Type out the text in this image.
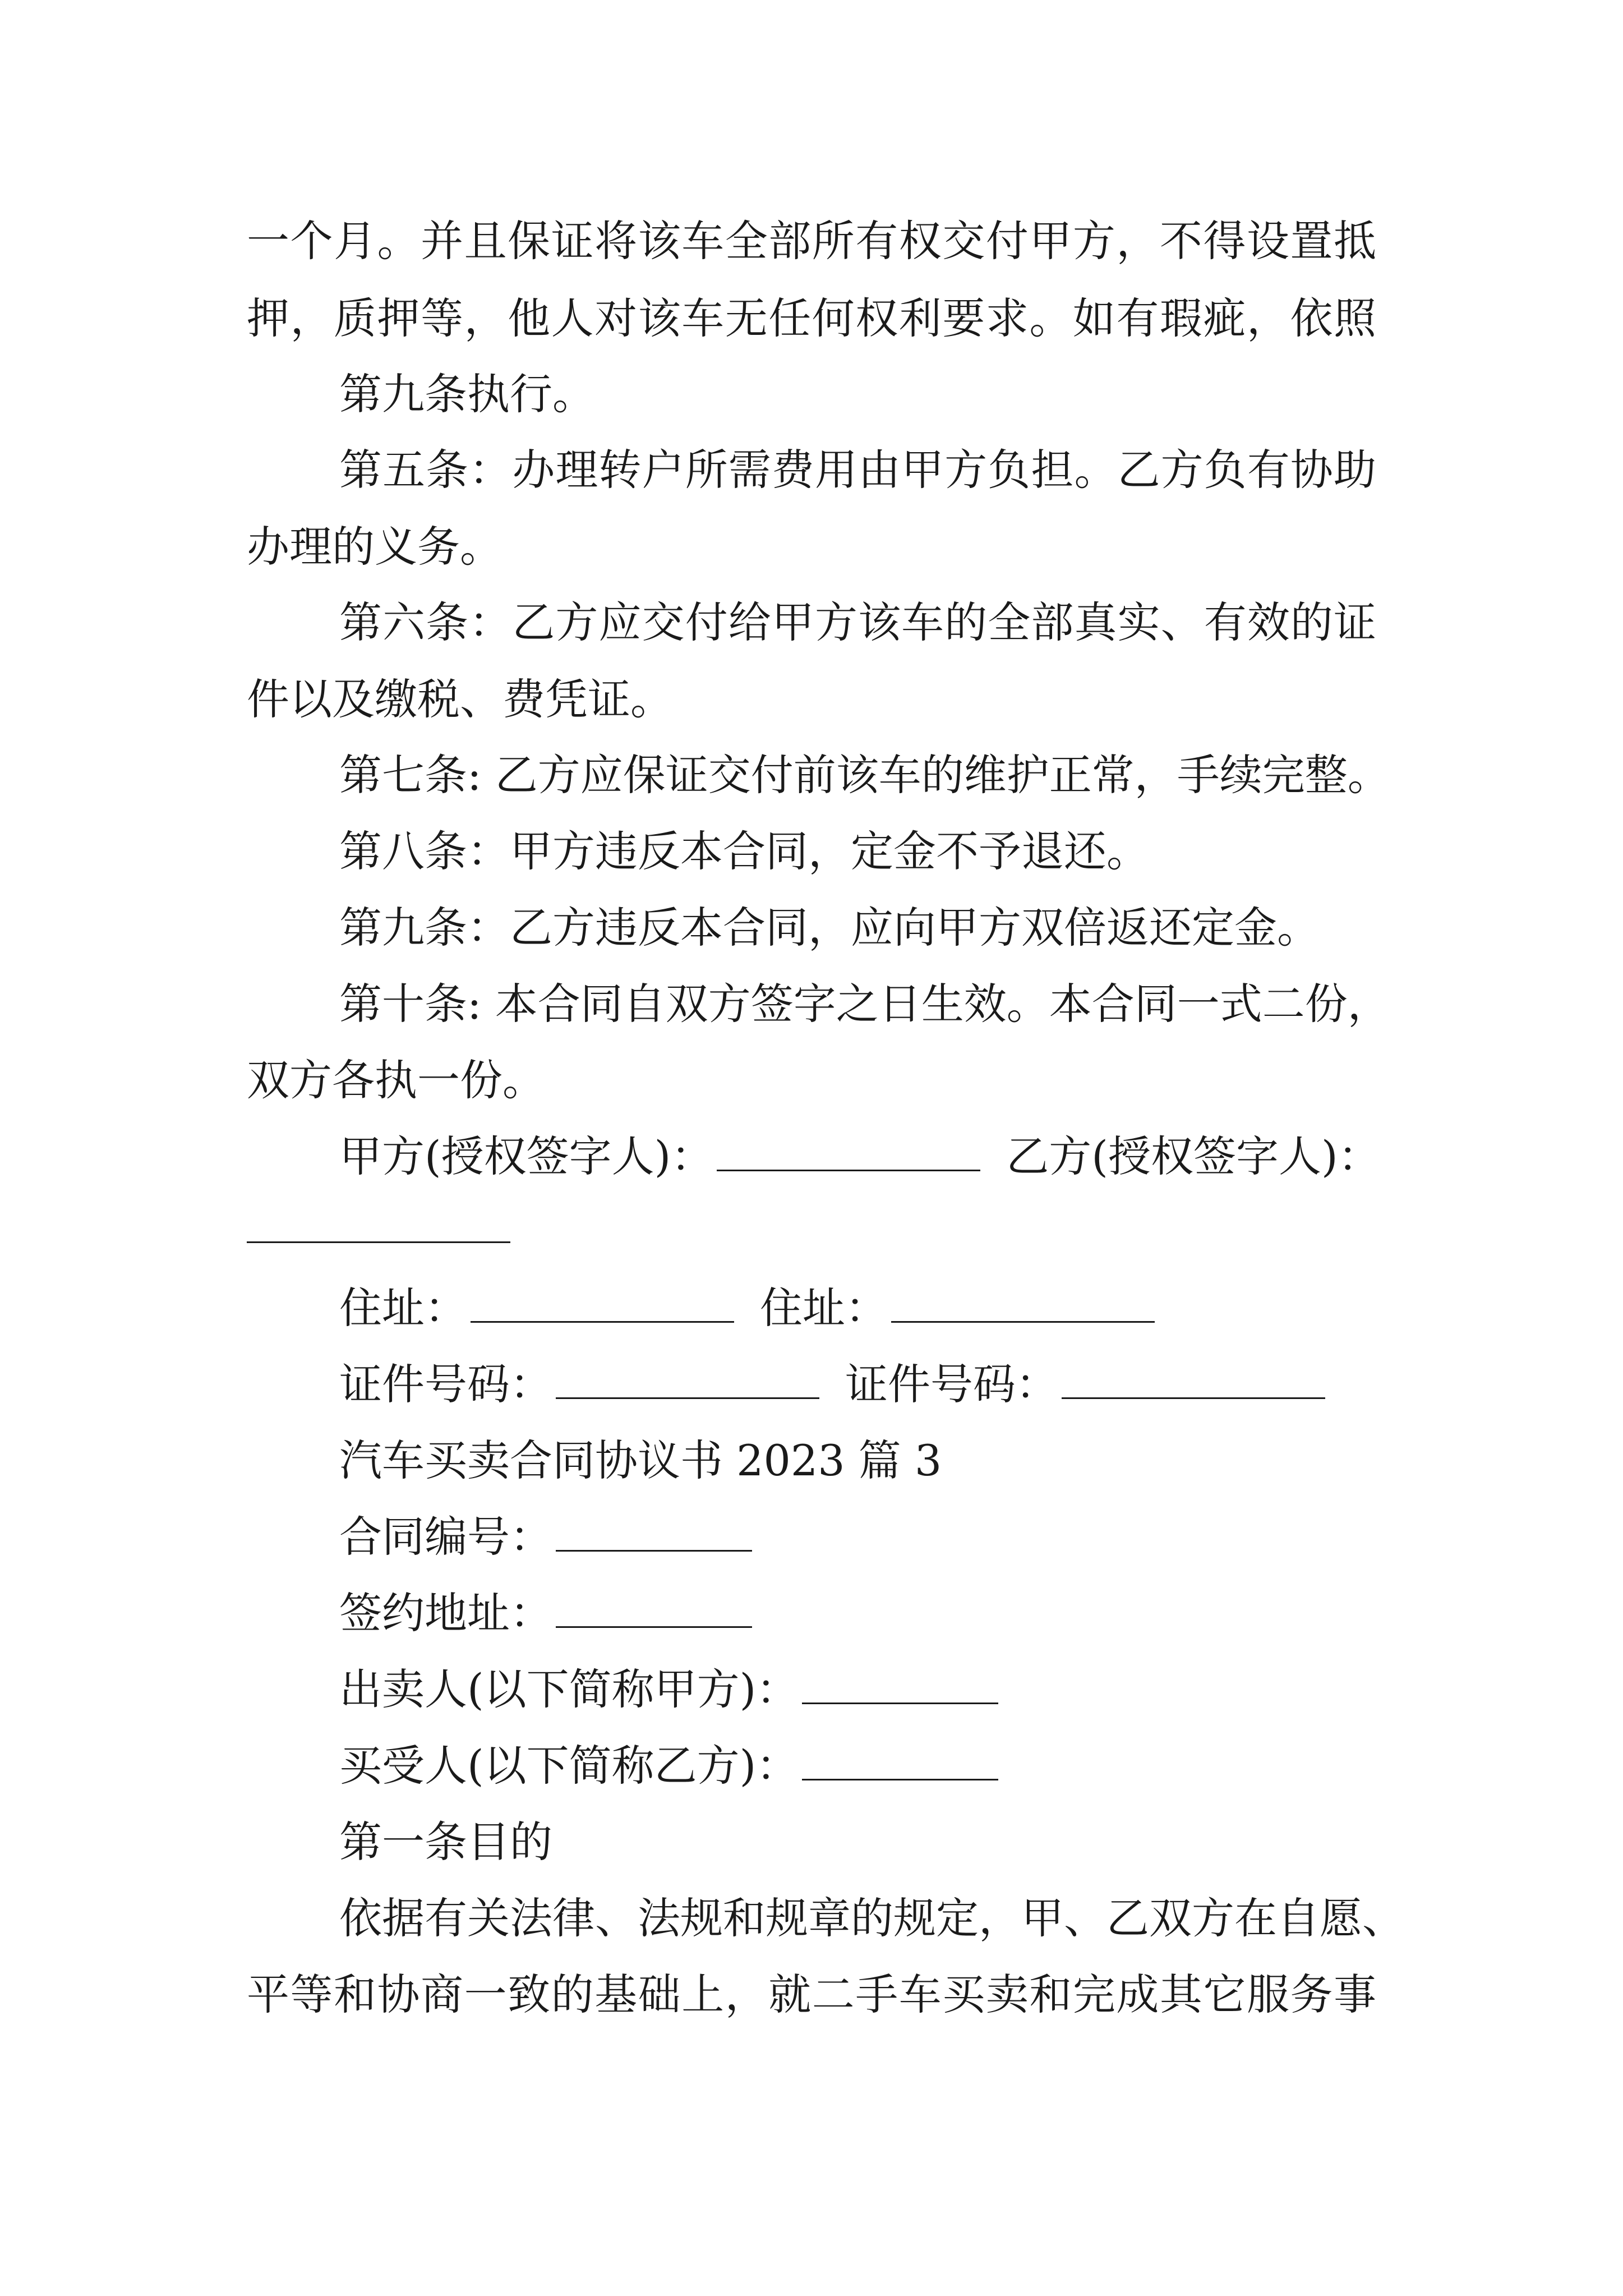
一个月。并且保证将该车全部所有权交付甲方，不得设置抵
押，质押等，他人对该车无任何权利要求。如有瑕疵，依照
第九条执行。
第五条：办理转户所需费用由甲方负担。乙方负有协助
办理的义务。
第六条：乙方应交付给甲方该车的全部真实、有效的证
件以及缴税、费凭证。
第七条: 乙方应保证交付前该车的维护正常，手续完整。
第八条：甲方违反本合同，定金不予退还。
第九条：乙方违反本合同，应向甲方双倍返还定金。
第十条: 本合同自双方签字之日生效。本合同一式二份，
双方各执一份。
甲方(授权签字人)：	乙方(授权签字人)：
住址：	住址：
证件号码：	证件号码：
汽车买卖合同协议书 2023 篇 3
合同编号：
签约地址：
出卖人(以下简称甲方)：
买受人(以下简称乙方)：
第一条目的
依据有关法律、法规和规章的规定，甲、乙双方在自愿、
平等和协商一致的基础上，就二手车买卖和完成其它服务事
